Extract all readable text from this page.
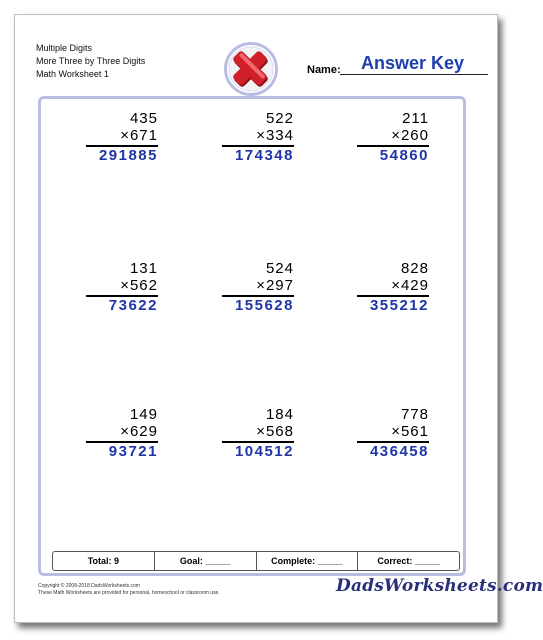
Multiple Digits
More Three by Three Digits
Math Worksheet 1	Name: Answer Key
435
×671
291885
522
×334
174348
211
×260
54860
131
×562
73622
524
×297
155628
828
×429
355212
149
×629
93721
184
×568
104512
778
×561
436458
Total: 9	Goal: _____	Complete: _____	Correct: _____
Copyright © 2008-2018 DadsWorksheets.com
These Math Worksheets are provided for personal, homeschool or classroom use.	DadsWorksheets.com
